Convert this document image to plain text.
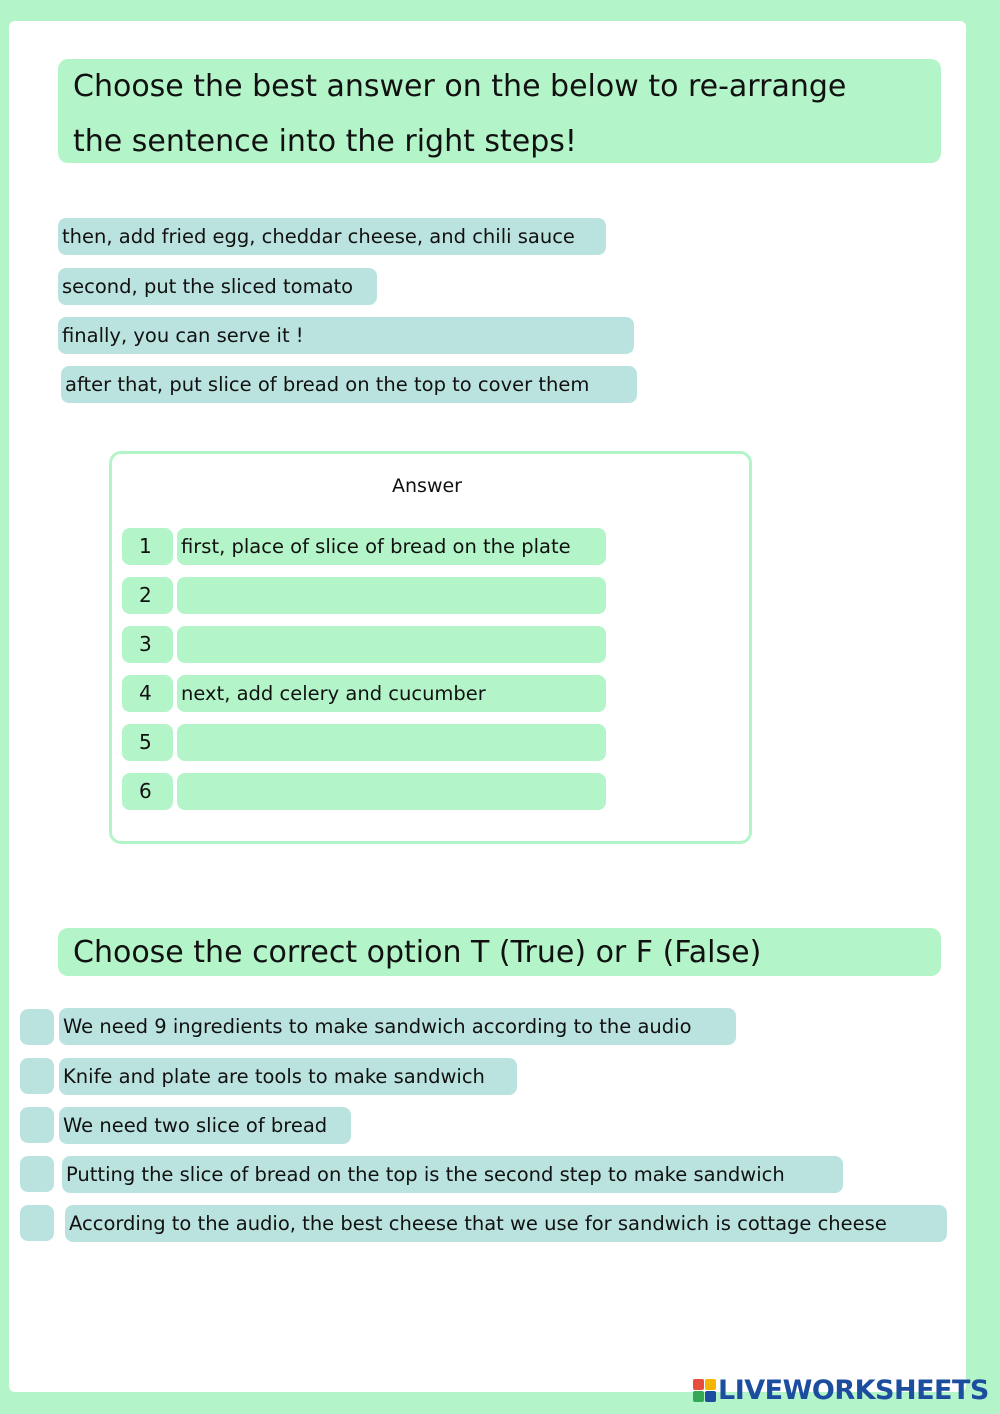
Choose the best answer on the below to re-arrange
the sentence into the right steps!
then, add fried egg, cheddar cheese, and chili sauce
second, put the sliced tomato
finally, you can serve it !
after that, put slice of bread on the top to cover them
Answer
1	first, place of slice of bread on the plate
2
3
4	next, add celery and cucumber
5
6
Choose the correct option T (True) or F (False)
We need 9 ingredients to make sandwich according to the audio
Knife and plate are tools to make sandwich
We need two slice of bread
Putting the slice of bread on the top is the second step to make sandwich
According to the audio, the best cheese that we use for sandwich is cottage cheese
LIVEWORKSHEETS
